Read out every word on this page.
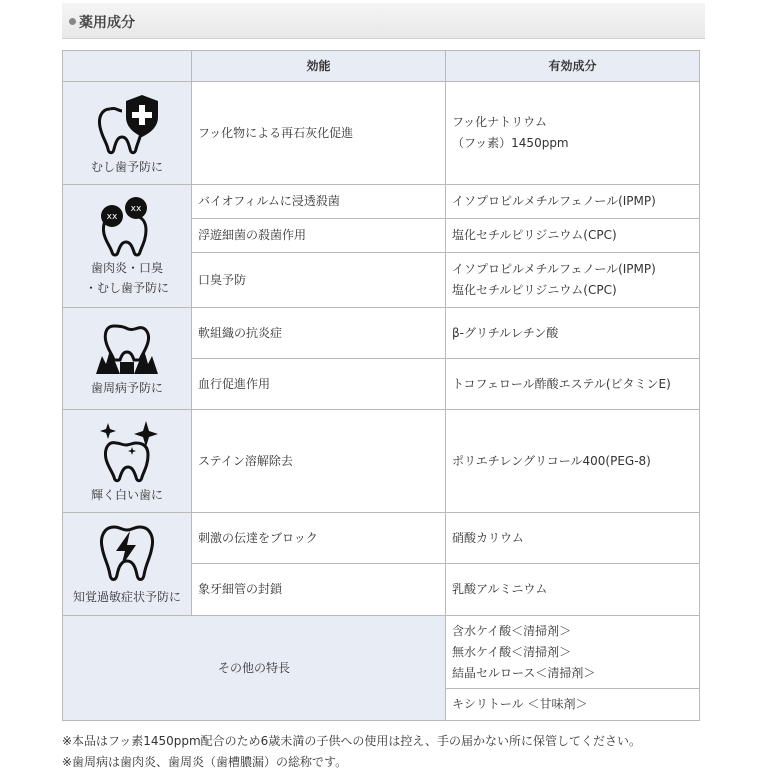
薬用成分
	効能	有効成分

むし歯予防に	フッ化物による再石灰化促進	フッ化ナトリウム
（フッ素）1450ppm

xx
xx
歯肉炎・口臭
・むし歯予防に	バイオフィルムに浸透殺菌	イソプロピルメチルフェノール(IPMP)
	浮遊細菌の殺菌作用	塩化セチルピリジニウム(CPC)
	口臭予防	イソプロピルメチルフェノール(IPMP)
塩化セチルピリジニウム(CPC)

歯周病予防に	軟組織の抗炎症	β-グリチルレチン酸
	血行促進作用	トコフェロール酢酸エステル(ビタミンE)

輝く白い歯に	ステイン溶解除去	ポリエチレングリコール400(PEG-8)

知覚過敏症状予防に	刺激の伝達をブロック	硝酸カリウム
	象牙細管の封鎖	乳酸アルミニウム
その他の特長		含水ケイ酸＜清掃剤＞
無水ケイ酸＜清掃剤＞
結晶セルロース＜清掃剤＞
		キシリトール ＜甘味剤＞
※本品はフッ素1450ppm配合のため6歳未満の子供への使用は控え、手の届かない所に保管してください。
※歯周病は歯肉炎、歯周炎（歯槽膿漏）の総称です。
